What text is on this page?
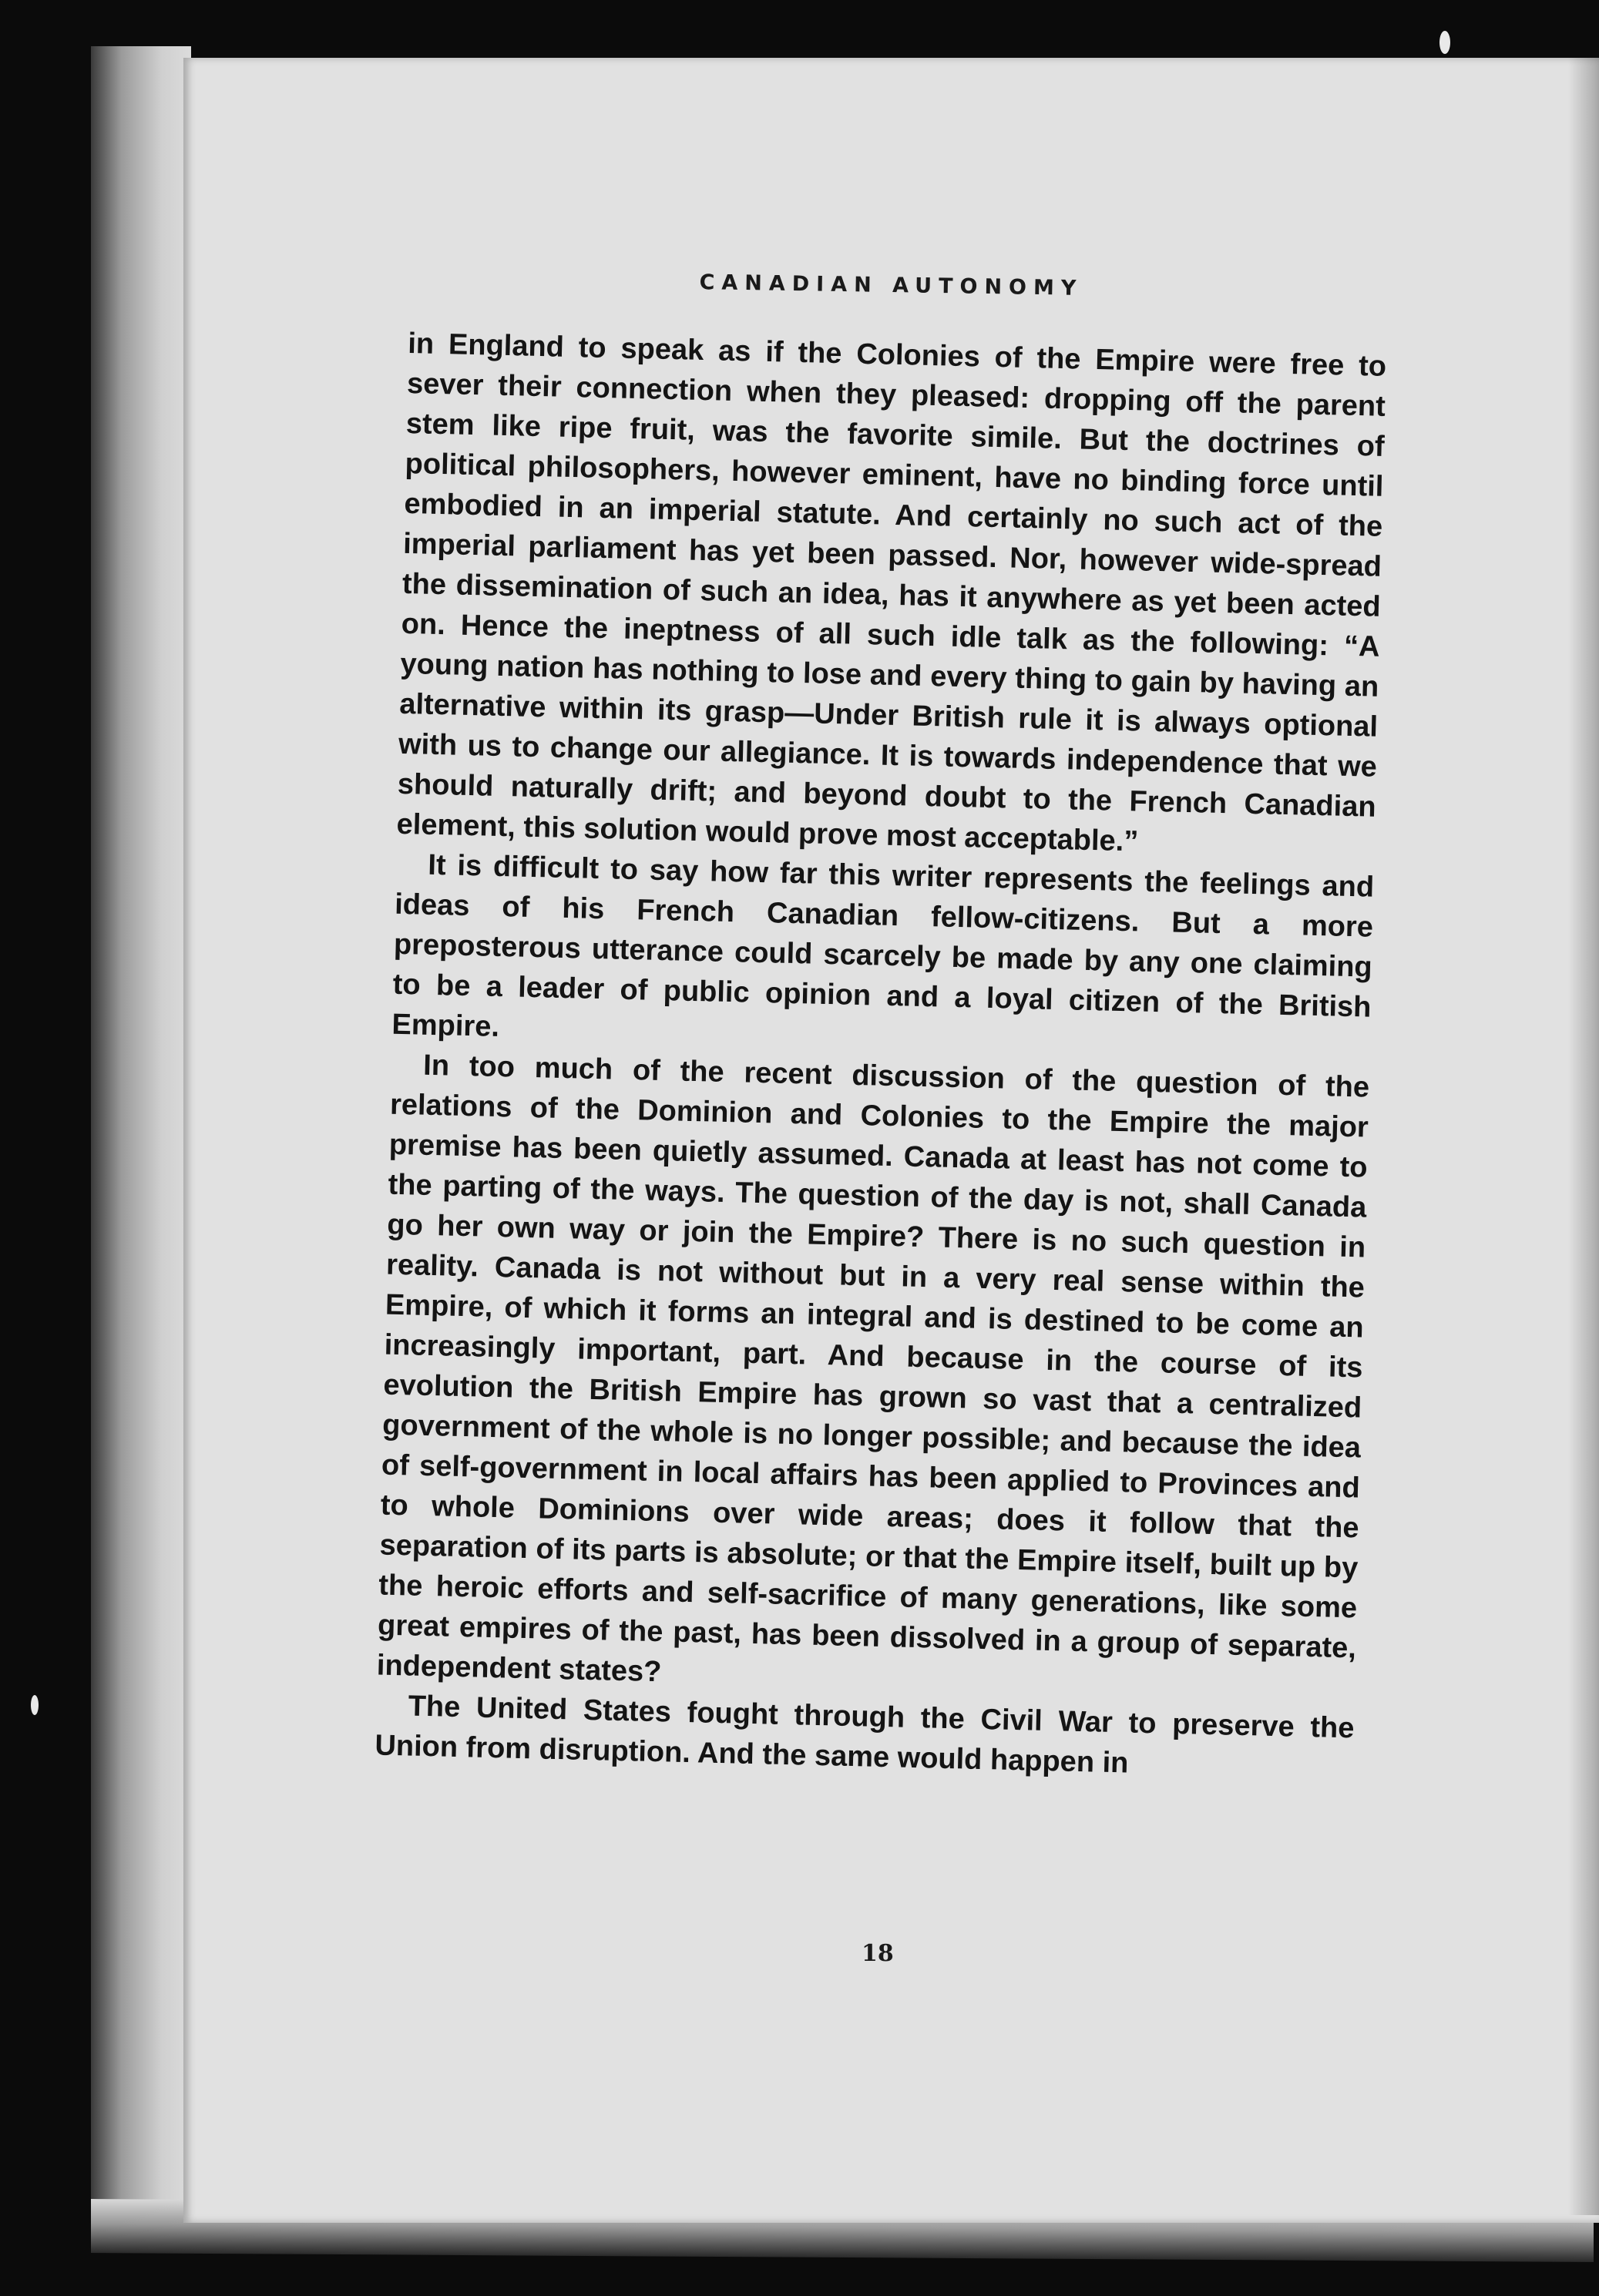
CANADIAN AUTONOMY

in England to speak as if the Colonies of the Empire were free to sever their connection when they pleased: dropping off the parent stem like ripe fruit, was the favorite simile. But the doctrines of political philosophers, however eminent, have no binding force until embodied in an imperial statute. And certainly no such act of the imperial parliament has yet been passed. Nor, however wide-spread the dissemination of such an idea, has it anywhere as yet been acted on. Hence the ineptness of all such idle talk as the following: “A young nation has nothing to lose and every thing to gain by having an alternative within its grasp—Under British rule it is always optional with us to change our allegiance. It is towards independence that we should naturally drift; and beyond doubt to the French Canadian element, this solution would prove most acceptable.”

It is difficult to say how far this writer represents the feelings and ideas of his French Canadian fellow-citizens. But a more preposterous utterance could scarcely be made by any one claiming to be a leader of public opinion and a loyal citizen of the British Empire.

In too much of the recent discussion of the question of the relations of the Dominion and Colonies to the Empire the major premise has been quietly assumed. Canada at least has not come to the parting of the ways. The question of the day is not, shall Canada go her own way or join the Empire? There is no such question in reality. Canada is not without but in a very real sense within the Empire, of which it forms an integral and is destined to be come an increasingly important, part. And because in the course of its evolution the British Empire has grown so vast that a centralized government of the whole is no longer possible; and because the idea of self-government in local affairs has been applied to Provinces and to whole Dominions over wide areas; does it follow that the separation of its parts is absolute; or that the Empire itself, built up by the heroic efforts and self-sacrifice of many generations, like some great empires of the past, has been dissolved in a group of separate, independent states?

The United States fought through the Civil War to preserve the Union from disruption. And the same would happen in

18
